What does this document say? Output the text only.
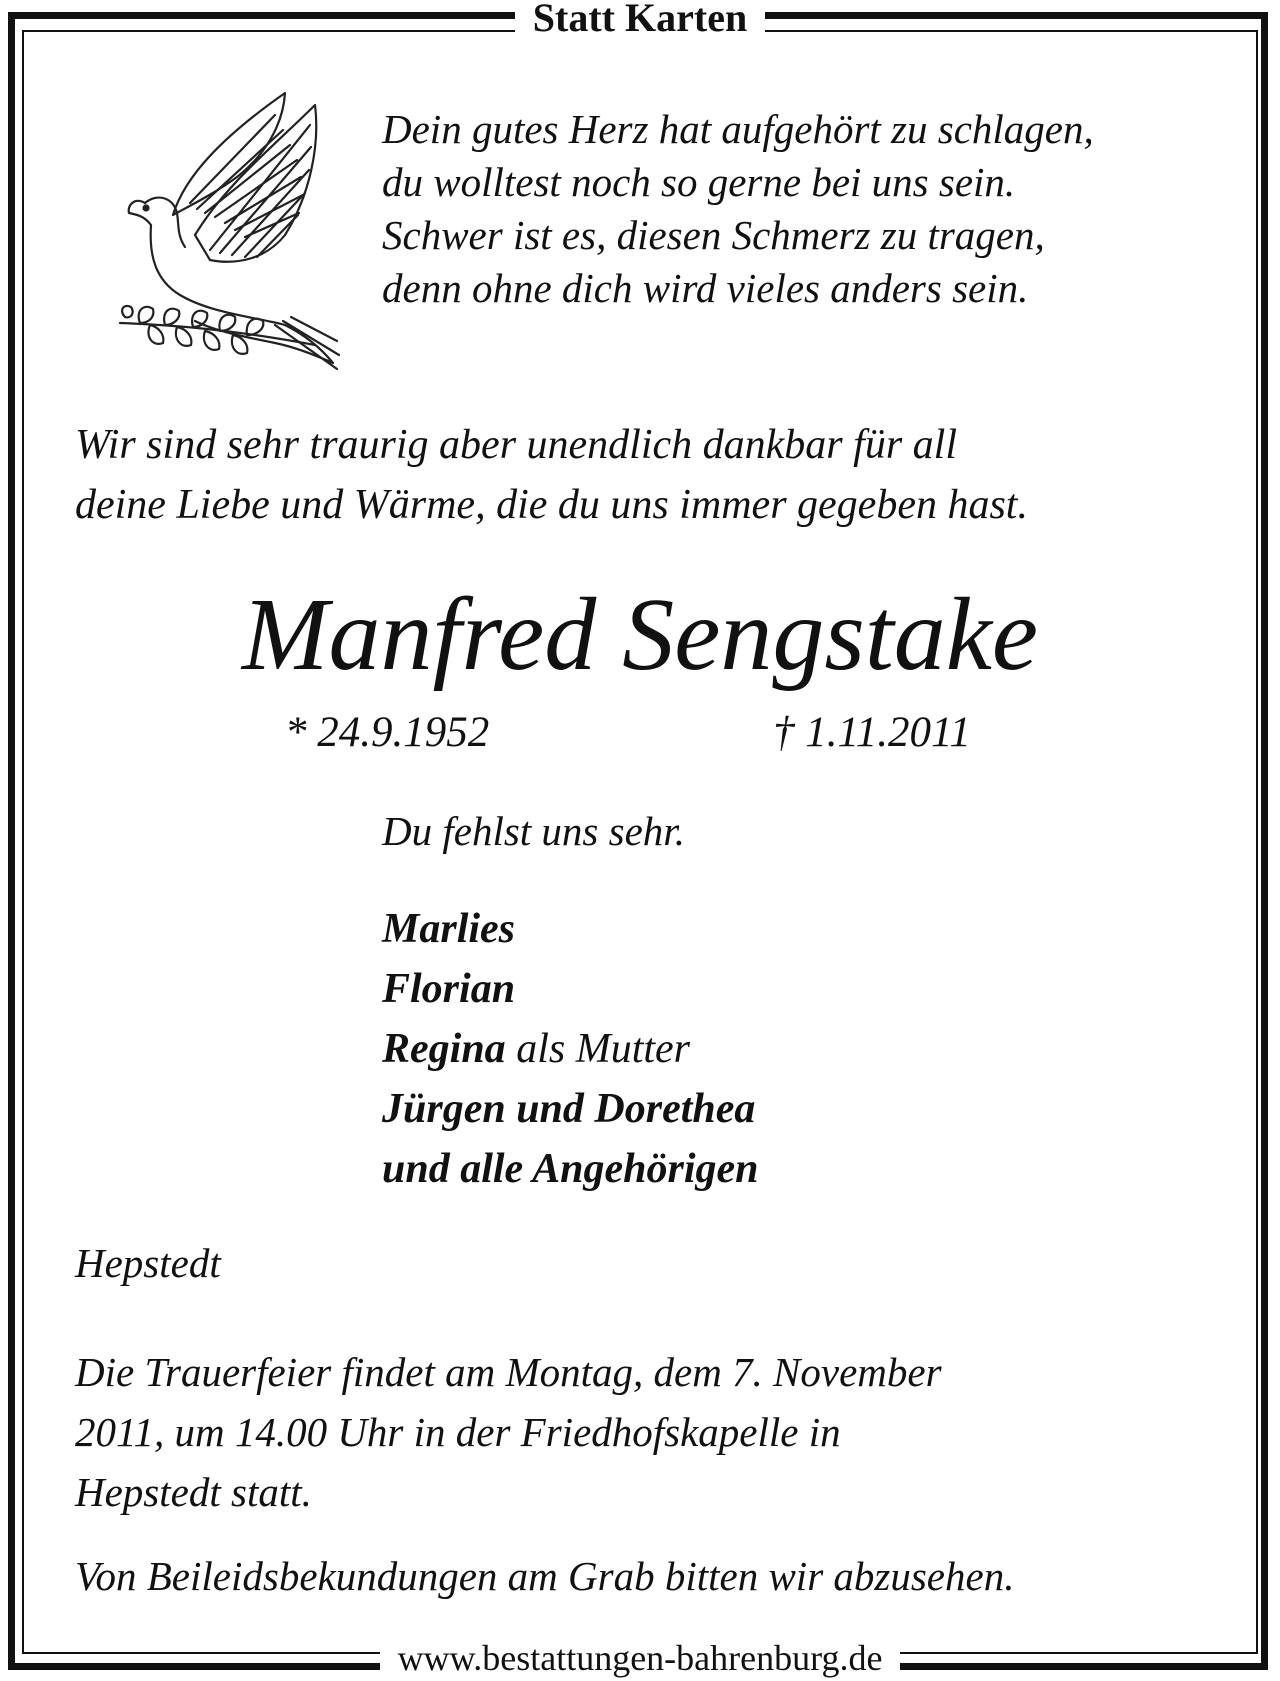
Statt Karten
Dein gutes Herz hat aufgehört zu schlagen,
du wolltest noch so gerne bei uns sein.
Schwer ist es, diesen Schmerz zu tragen,
denn ohne dich wird vieles anders sein.
Wir sind sehr traurig aber unendlich dankbar für all
deine Liebe und Wärme, die du uns immer gegeben hast.
Manfred Sengstake
* 24.9.1952	† 1.11.2011
Du fehlst uns sehr.
Marlies
Florian
Regina als Mutter
Jürgen und Dorethea
und alle Angehörigen
Hepstedt
Die Trauerfeier findet am Montag, dem 7. November
2011, um 14.00 Uhr in der Friedhofskapelle in
Hepstedt statt.
Von Beileidsbekundungen am Grab bitten wir abzusehen.
www.bestattungen-bahrenburg.de
